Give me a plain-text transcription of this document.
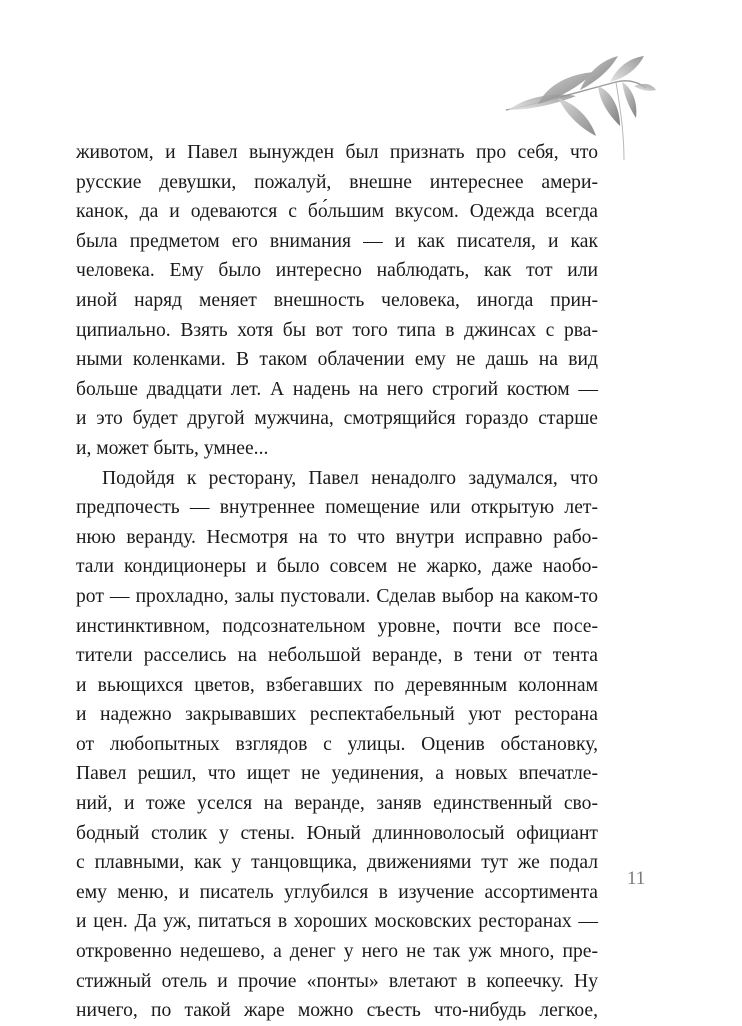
животом, и Павел вынужден был признать про себя, что
русские девушки, пожалуй, внешне интереснее амери-
канок, да и одеваются с бо́льшим вкусом. Одежда всегда
была предметом его внимания — и как писателя, и как
человека. Ему было интересно наблюдать, как тот или
иной наряд меняет внешность человека, иногда прин-
ципиально. Взять хотя бы вот того типа в джинсах с рва-
ными коленками. В таком облачении ему не дашь на вид
больше двадцати лет. А надень на него строгий костюм —
и это будет другой мужчина, смотрящийся гораздо старше
и, может быть, умнее...
Подойдя к ресторану, Павел ненадолго задумался, что
предпочесть — внутреннее помещение или открытую лет-
нюю веранду. Несмотря на то что внутри исправно рабо-
тали кондиционеры и было совсем не жарко, даже наобо-
рот — прохладно, залы пустовали. Сделав выбор на каком-то
инстинктивном, подсознательном уровне, почти все посе-
тители расселись на небольшой веранде, в тени от тента
и вьющихся цветов, взбегавших по деревянным колоннам
и надежно закрывавших респектабельный уют ресторана
от любопытных взглядов с улицы. Оценив обстановку,
Павел решил, что ищет не уединения, а новых впечатле-
ний, и тоже уселся на веранде, заняв единственный сво-
бодный столик у стены. Юный длинноволосый официант
с плавными, как у танцовщика, движениями тут же подал
ему меню, и писатель углубился в изучение ассортимента
и цен. Да уж, питаться в хороших московских ресторанах —
откровенно недешево, а денег у него не так уж много, пре-
стижный отель и прочие «понты» влетают в копеечку. Ну
ничего, по такой жаре можно съесть что-нибудь легкое,
11
